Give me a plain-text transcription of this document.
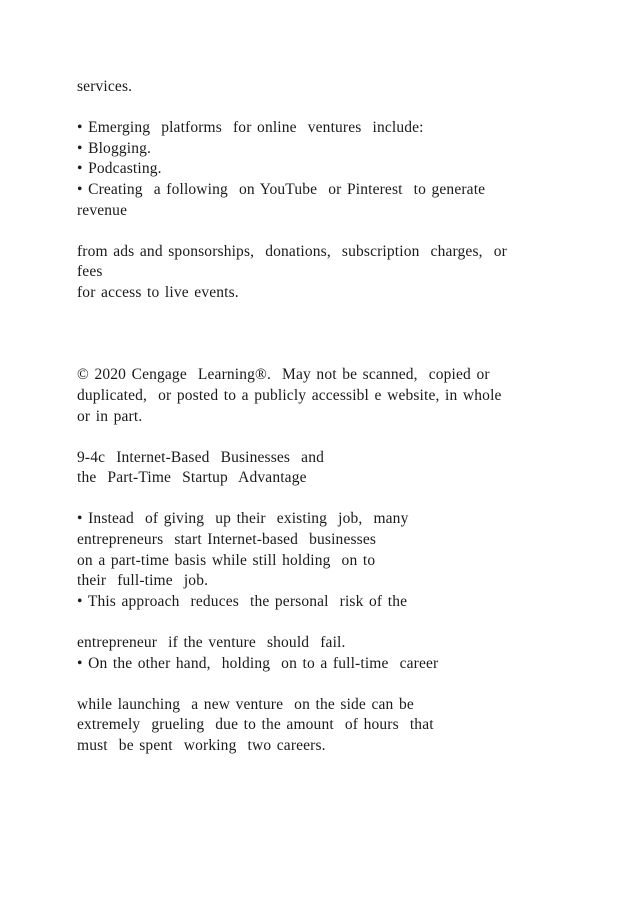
services.
• Emerging  platforms  for online  ventures  include:
• Blogging.
• Podcasting.
• Creating  a following  on YouTube  or Pinterest  to generate
revenue
from ads and sponsorships,  donations,  subscription  charges,  or
fees
for access to live events.
© 2020 Cengage  Learning®.  May not be scanned,  copied or
duplicated,  or posted to a publicly accessibl e website, in whole
or in part.
9-4c  Internet-Based  Businesses  and
the  Part-Time  Startup  Advantage
• Instead  of giving  up their  existing  job,  many
entrepreneurs  start Internet-based  businesses
on a part-time basis while still holding  on to
their  full-time  job.
• This approach  reduces  the personal  risk of the
entrepreneur  if the venture  should  fail.
• On the other hand,  holding  on to a full-time  career
while launching  a new venture  on the side can be
extremely  grueling  due to the amount  of hours  that
must  be spent  working  two careers.
